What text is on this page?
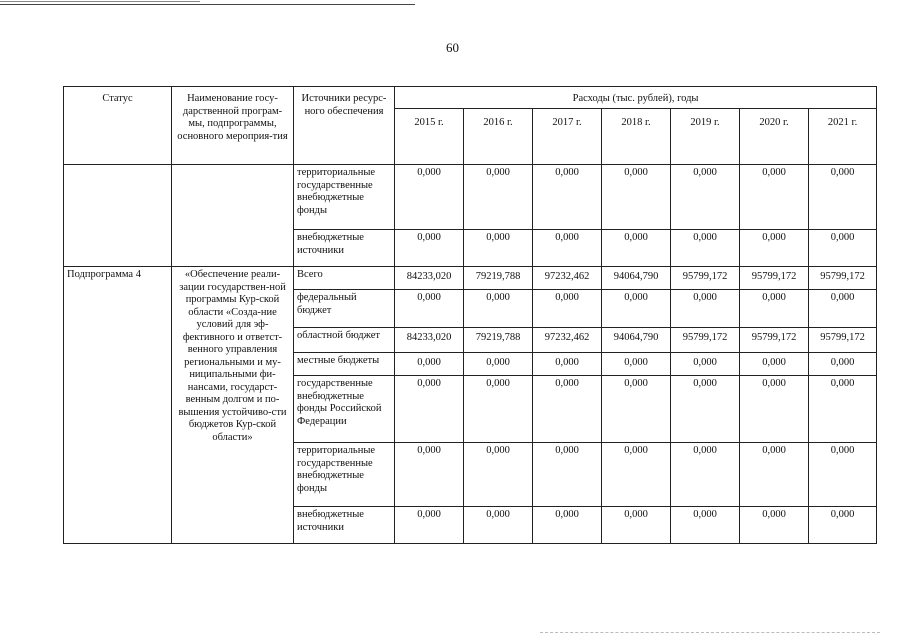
60
Статус	Наименование госу-дарственной програм-мы, подпрограммы, основного мероприя-тия	Источники ресурс-ного обеспечения	Расходы (тыс. рублей), годы						
			2015 г.	2016 г.	2017 г.	2018 г.	2019 г.	2020 г.	2021 г.
		территориальные государственные внебюджетные фонды	0,000	0,000	0,000	0,000	0,000	0,000	0,000
		внебюджетные источники	0,000	0,000	0,000	0,000	0,000	0,000	0,000
Подпрограмма 4	«Обеспечение реали-зации государствен-ной программы Кур-ской области «Созда-ние условий для эф-фективного и ответст-венного управления региональными и му-ниципальными фи-нансами, государст-венным долгом и по-вышения устойчиво-сти бюджетов Кур-ской области»	Всего	84233,020	79219,788	97232,462	94064,790	95799,172	95799,172	95799,172
		федеральный бюджет	0,000	0,000	0,000	0,000	0,000	0,000	0,000
		областной бюджет	84233,020	79219,788	97232,462	94064,790	95799,172	95799,172	95799,172
		местные бюджеты	0,000	0,000	0,000	0,000	0,000	0,000	0,000
		государственные внебюджетные фонды Российской Федерации	0,000	0,000	0,000	0,000	0,000	0,000	0,000
		территориальные государственные внебюджетные фонды	0,000	0,000	0,000	0,000	0,000	0,000	0,000
		внебюджетные источники	0,000	0,000	0,000	0,000	0,000	0,000	0,000
